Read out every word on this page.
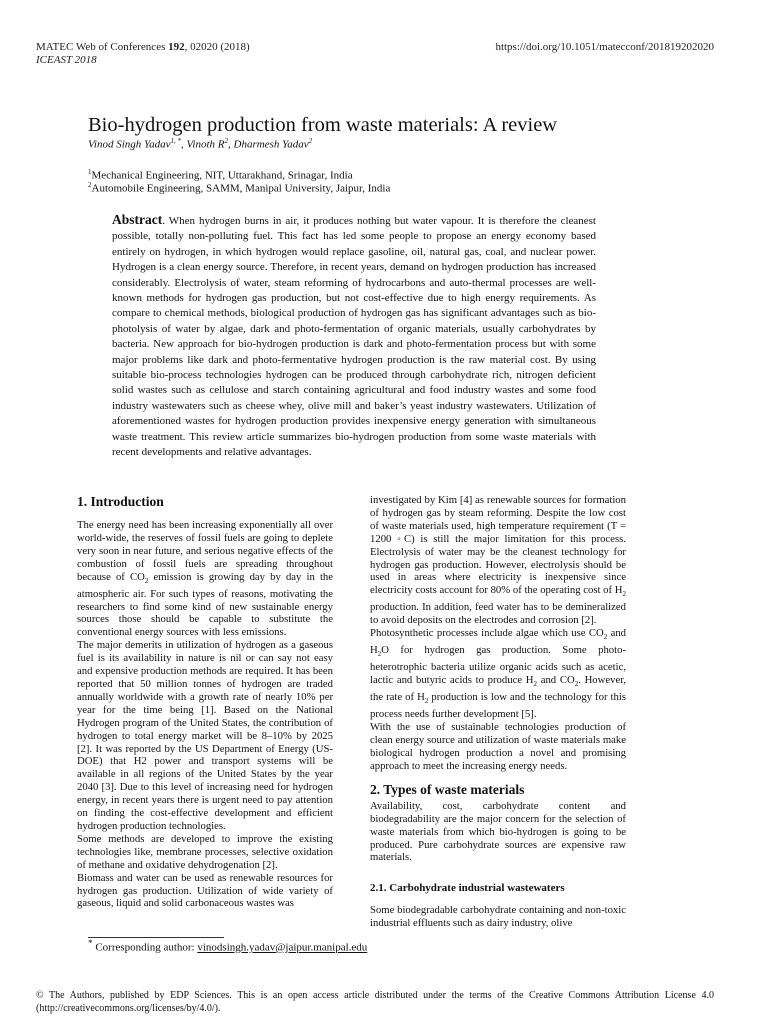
MATEC Web of Conferences 192, 02020 (2018)
ICEAST 2018
https://doi.org/10.1051/matecconf/201819202020
Bio-hydrogen production from waste materials: A review
Vinod Singh Yadav$^{1, *}$, Vinoth $R^2$, Dharmesh Yadav$^2$
$^1$Mechanical Engineering, NIT, Uttarakhand, Srinagar, India
$^2$Automobile Engineering, SAMM, Manipal University, Jaipur, India
Abstract. When hydrogen burns in air, it produces nothing but water vapour. It is therefore the cleanest possible, totally non-polluting fuel. This fact has led some people to propose an energy economy based entirely on hydrogen, in which hydrogen would replace gasoline, oil, natural gas, coal, and nuclear power. Hydrogen is a clean energy source. Therefore, in recent years, demand on hydrogen production has increased considerably. Electrolysis of water, steam reforming of hydrocarbons and auto-thermal processes are well-known methods for hydrogen gas production, but not cost-effective due to high energy requirements. As compare to chemical methods, biological production of hydrogen gas has significant advantages such as bio-photolysis of water by algae, dark and photo-fermentation of organic materials, usually carbohydrates by bacteria. New approach for bio-hydrogen production is dark and photo-fermentation process but with some major problems like dark and photo-fermentative hydrogen production is the raw material cost. By using suitable bio-process technologies hydrogen can be produced through carbohydrate rich, nitrogen deficient solid wastes such as cellulose and starch containing agricultural and food industry wastes and some food industry wastewaters such as cheese whey, olive mill and baker’s yeast industry wastewaters. Utilization of aforementioned wastes for hydrogen production provides inexpensive energy generation with simultaneous waste treatment. This review article summarizes bio-hydrogen production from some waste materials with recent developments and relative advantages.
1. Introduction

The energy need has been increasing exponentially all over world-wide, the reserves of fossil fuels are going to deplete very soon in near future, and serious negative effects of the combustion of fossil fuels are spreading throughout because of $CO_2$ emission is growing day by day in the atmospheric air. For such types of reasons, motivating the researchers to find some kind of new sustainable energy sources those should be capable to substitute the conventional energy sources with less emissions.

The major demerits in utilization of hydrogen as a gaseous fuel is its availability in nature is nil or can say not easy and expensive production methods are required. It has been reported that 50 million tonnes of hydrogen are traded annually worldwide with a growth rate of nearly 10% per year for the time being [1]. Based on the National Hydrogen program of the United States, the contribution of hydrogen to total energy market will be 8–10% by 2025 [2]. It was reported by the US Department of Energy (US-DOE) that H2 power and transport systems will be available in all regions of the United States by the year 2040 [3]. Due to this level of increasing need for hydrogen energy, in recent years there is urgent need to pay attention on finding the cost-effective development and efficient hydrogen production technologies.

Some methods are developed to improve the existing technologies like, membrane processes, selective oxidation of methane and oxidative dehydrogenation [2].

Biomass and water can be used as renewable resources for hydrogen gas production. Utilization of wide variety of gaseous, liquid and solid carbonaceous wastes was

investigated by Kim [4] as renewable sources for formation of hydrogen gas by steam reforming. Despite the low cost of waste materials used, high temperature requirement (T = 1200 ◦C) is still the major limitation for this process. Electrolysis of water may be the cleanest technology for hydrogen gas production. However, electrolysis should be used in areas where electricity is inexpensive since electricity costs account for 80% of the operating cost of $H_2$ production. In addition, feed water has to be demineralized to avoid deposits on the electrodes and corrosion [2].

Photosynthetic processes include algae which use $CO_2$ and $H_2O$ for hydrogen gas production. Some photo-heterotrophic bacteria utilize organic acids such as acetic, lactic and butyric acids to produce $H_2$ and $CO_2$. However, the rate of $H_2$ production is low and the technology for this process needs further development [5].

With the use of sustainable technologies production of clean energy source and utilization of waste materials make biological hydrogen production a novel and promising approach to meet the increasing energy needs.

2. Types of waste materials

Availability, cost, carbohydrate content and biodegradability are the major concern for the selection of waste materials from which bio-hydrogen is going to be produced. Pure carbohydrate sources are expensive raw materials.

2.1. Carbohydrate industrial wastewaters

Some biodegradable carbohydrate containing and non-toxic industrial effluents such as dairy industry, olive

* Corresponding author: vinodsingh.yadav@jaipur.manipal.edu
© The Authors, published by EDP Sciences. This is an open access article distributed under the terms of the Creative Commons Attribution License 4.0 (http://creativecommons.org/licenses/by/4.0/).
